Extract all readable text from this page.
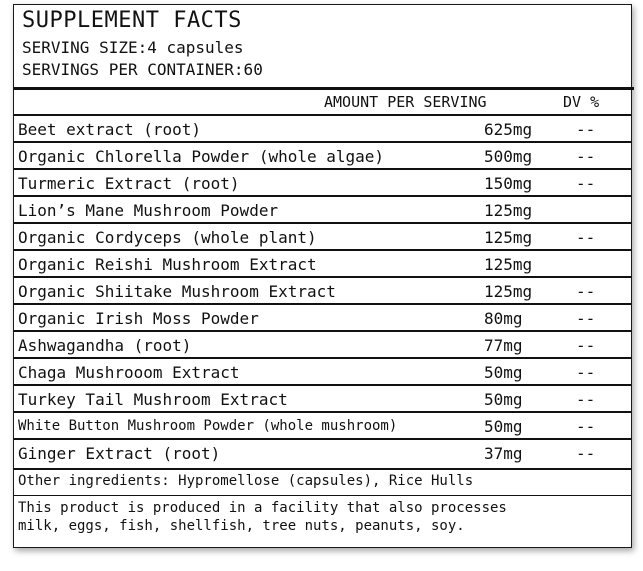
SUPPLEMENT FACTS
SERVING SIZE:4 capsules
SERVINGS PER CONTAINER:60
AMOUNT PER SERVING	DV %
Beet extract (root)	625mg	--
Organic Chlorella Powder (whole algae)	500mg	--
Turmeric Extract (root)	150mg	--
Lion’s Mane Mushroom Powder	125mg
Organic Cordyceps (whole plant)	125mg	--
Organic Reishi Mushroom Extract	125mg
Organic Shiitake Mushroom Extract	125mg	--
Organic Irish Moss Powder	80mg	--
Ashwagandha (root)	77mg	--
Chaga Mushrooom Extract	50mg	--
Turkey Tail Mushroom Extract	50mg	--
White Button Mushroom Powder (whole mushroom)	50mg	--
Ginger Extract (root)	37mg	--
Other ingredients: Hypromellose (capsules), Rice Hulls
This product is produced in a facility that also processes
milk, eggs, fish, shellfish, tree nuts, peanuts, soy.
